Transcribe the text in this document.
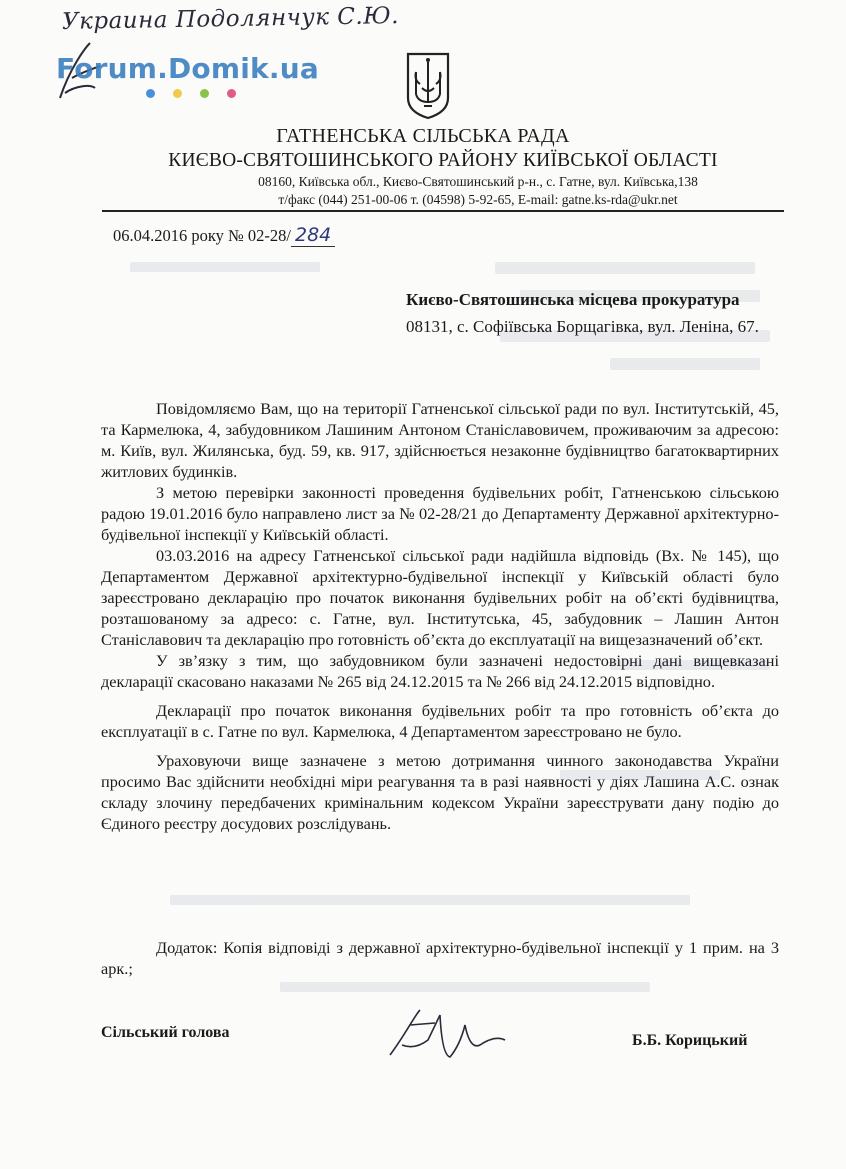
Украина Подолянчук С.Ю.
Forum.Domik.ua
ГАТНЕНСЬКА СІЛЬСЬКА РАДА
КИЄВО-СВЯТОШИНСЬКОГО РАЙОНУ КИЇВСЬКОЇ ОБЛАСТІ
08160, Київська обл., Києво-Святошинський р-н., с. Гатне, вул. Київська,138
т/факс (044) 251-00-06 т. (04598) 5-92-65, E-mail: gatne.ks-rda@ukr.net
06.04.2016 року № 02-28/ 284
Києво-Святошинська місцева прокуратура
08131, с. Софіївська Борщагівка, вул. Леніна, 67.

Повідомляємо Вам, що на території Гатненської сільської ради по вул. Інститутській, 45, та Кармелюка, 4, забудовником Лашиним Антоном Станіславовичем, проживаючим за адресою: м. Київ, вул. Жилянська, буд. 59, кв. 917, здійснюється незаконне будівництво багатоквартирних житлових будинків.

З метою перевірки законності проведення будівельних робіт, Гатненською сільською радою 19.01.2016 було направлено лист за № 02-28/21 до Департаменту Державної архітектурно-будівельної інспекції у Київській області.

03.03.2016 на адресу Гатненської сільської ради надійшла відповідь (Вх. № 145), що Департаментом Державної архітектурно-будівельної інспекції у Київській області було зареєстровано декларацію про початок виконання будівельних робіт на об’єкті будівництва, розташованому за адресо: с. Гатне, вул. Інститутська, 45, забудовник – Лашин Антон Станіславович та декларацію про готовність об’єкта до експлуатації на вищезазначений об’єкт.

У зв’язку з тим, що забудовником були зазначені недостовірні дані вищевказані декларації скасовано наказами № 265 від 24.12.2015 та № 266 від 24.12.2015 відповідно.

Декларації про початок виконання будівельних робіт та про готовність об’єкта до експлуатації в с. Гатне по вул. Кармелюка, 4 Департаментом зареєстровано не було.

Ураховуючи вище зазначене з метою дотримання чинного законодавства України просимо Вас здійснити необхідні міри реагування та в разі наявності у діях Лашина А.С. ознак складу злочину передбачених кримінальним кодексом України зареєструвати дану подію до Єдиного реєстру досудових розслідувань.

Додаток: Копія відповіді з державної архітектурно-будівельної інспекції у 1 прим. на 3 арк.;

Сільський голова	Б.Б. Корицький
